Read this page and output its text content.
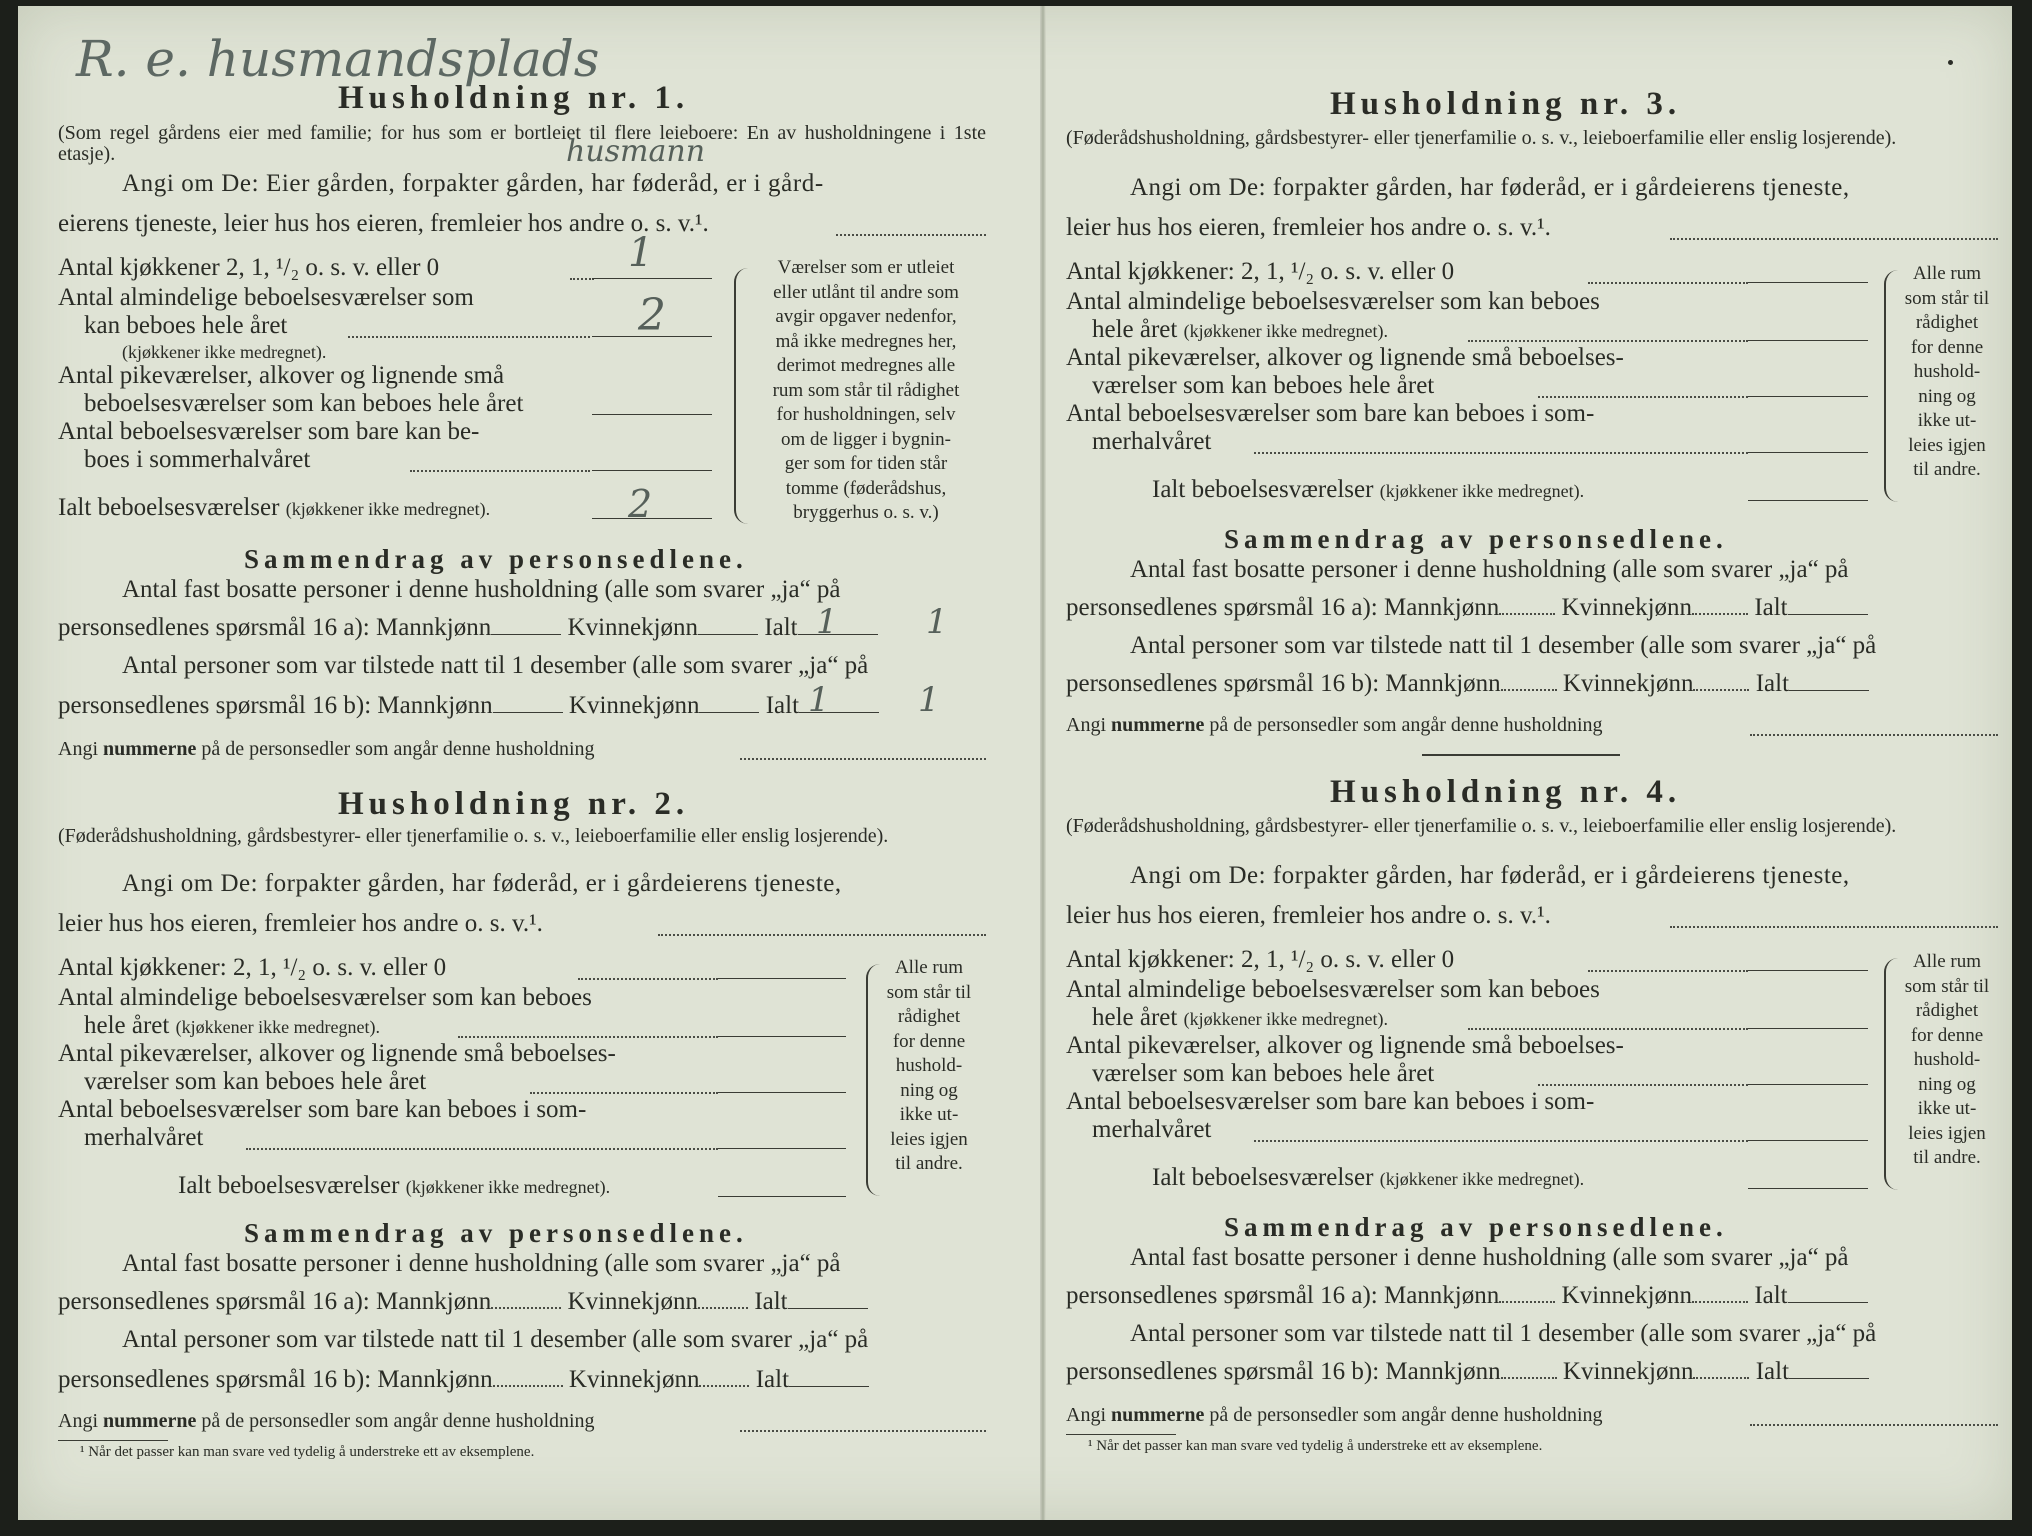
R. e. husmandsplads
Husholdning nr. 1.
(Som regel gårdens eier med familie; for hus som er bortleiet til flere leieboere: En av husholdningene i 1ste etasje).	husmann
Angi om De: Eier gården, forpakter gården, har føderåd, er i gård-
eierens tjeneste, leier hus hos eieren, fremleier hos andre o. s. v.¹.
Antal kjøkkener 2, 1, ¹/₂ o. s. v. eller 0	1
Antal almindelige beboelsesværelser som
kan beboes hele året	2
(kjøkkener ikke medregnet).
Antal pikeværelser, alkover og lignende små
beboelsesværelser som kan beboes hele året
Antal beboelsesværelser som bare kan be-
boes i sommerhalvåret
Ialt beboelsesværelser (kjøkkener ikke medregnet).	2
Værelser som er utleiet
eller utlånt til andre som
avgir opgaver nedenfor,
må ikke medregnes her,
derimot medregnes alle
rum som står til rådighet
for husholdningen, selv
om de ligger i bygnin-
ger som for tiden står
tomme (føderådshus,
bryggerhus o. s. v.)
Sammendrag av personsedlene.
Antal fast bosatte personer i denne husholdning (alle som svarer „ja“ på
personsedlenes spørsmål 16 a): Mannkjønn	Kvinnekjønn	Ialt 1	1
Antal personer som var tilstede natt til 1 desember (alle som svarer „ja“ på
personsedlenes spørsmål 16 b): Mannkjønn	Kvinnekjønn	Ialt 1	1
Angi nummerne på de personsedler som angår denne husholdning
Husholdning nr. 2.
(Føderådshusholdning, gårdsbestyrer- eller tjenerfamilie o. s. v., leieboerfamilie eller enslig losjerende).
Angi om De: forpakter gården, har føderåd, er i gårdeierens tjeneste,
leier hus hos eieren, fremleier hos andre o. s. v.¹.
Antal kjøkkener: 2, 1, ¹/₂ o. s. v. eller 0
Antal almindelige beboelsesværelser som kan beboes
hele året (kjøkkener ikke medregnet).
Antal pikeværelser, alkover og lignende små beboelses-
værelser som kan beboes hele året
Antal beboelsesværelser som bare kan beboes i som-
merhalvåret
Ialt beboelsesværelser (kjøkkener ikke medregnet).
Alle rum
som står til
rådighet
for denne
hushold-
ning og
ikke ut-
leies igjen
til andre.
Sammendrag av personsedlene.
Antal fast bosatte personer i denne husholdning (alle som svarer „ja“ på
personsedlenes spørsmål 16 a): Mannkjønn	Kvinnekjønn Ialt
Antal personer som var tilstede natt til 1 desember (alle som svarer „ja“ på
personsedlenes spørsmål 16 b): Mannkjønn	Kvinnekjønn Ialt
Angi nummerne på de personsedler som angår denne husholdning
¹ Når det passer kan man svare ved tydelig å understreke ett av eksemplene.
Husholdning nr. 3.
(Føderådshusholdning, gårdsbestyrer- eller tjenerfamilie o. s. v., leieboerfamilie eller enslig losjerende).
Angi om De: forpakter gården, har føderåd, er i gårdeierens tjeneste,
leier hus hos eieren, fremleier hos andre o. s. v.¹.
Antal kjøkkener: 2, 1, ¹/₂ o. s. v. eller 0
Antal almindelige beboelsesværelser som kan beboes
hele året (kjøkkener ikke medregnet).
Antal pikeværelser, alkover og lignende små beboelses-
værelser som kan beboes hele året
Antal beboelsesværelser som bare kan beboes i som-
merhalvåret
Ialt beboelsesværelser (kjøkkener ikke medregnet).
Alle rum
som står til
rådighet
for denne
hushold-
ning og
ikke ut-
leies igjen
til andre.
Sammendrag av personsedlene.
Antal fast bosatte personer i denne husholdning (alle som svarer „ja“ på
personsedlenes spørsmål 16 a): Mannkjønn Kvinnekjønn Ialt
Antal personer som var tilstede natt til 1 desember (alle som svarer „ja“ på
personsedlenes spørsmål 16 b): Mannkjønn Kvinnekjønn Ialt
Angi nummerne på de personsedler som angår denne husholdning
Husholdning nr. 4.
(Føderådshusholdning, gårdsbestyrer- eller tjenerfamilie o. s. v., leieboerfamilie eller enslig losjerende).
Angi om De: forpakter gården, har føderåd, er i gårdeierens tjeneste,
leier hus hos eieren, fremleier hos andre o. s. v.¹.
Antal kjøkkener: 2, 1, ¹/₂ o. s. v. eller 0
Antal almindelige beboelsesværelser som kan beboes
hele året (kjøkkener ikke medregnet).
Antal pikeværelser, alkover og lignende små beboelses-
værelser som kan beboes hele året
Antal beboelsesværelser som bare kan beboes i som-
merhalvåret
Ialt beboelsesværelser (kjøkkener ikke medregnet).
Alle rum
som står til
rådighet
for denne
hushold-
ning og
ikke ut-
leies igjen
til andre.
Sammendrag av personsedlene.
Antal fast bosatte personer i denne husholdning (alle som svarer „ja“ på
personsedlenes spørsmål 16 a): Mannkjønn Kvinnekjønn Ialt
Antal personer som var tilstede natt til 1 desember (alle som svarer „ja“ på
personsedlenes spørsmål 16 b): Mannkjønn Kvinnekjønn Ialt
Angi nummerne på de personsedler som angår denne husholdning
¹ Når det passer kan man svare ved tydelig å understreke ett av eksemplene.
